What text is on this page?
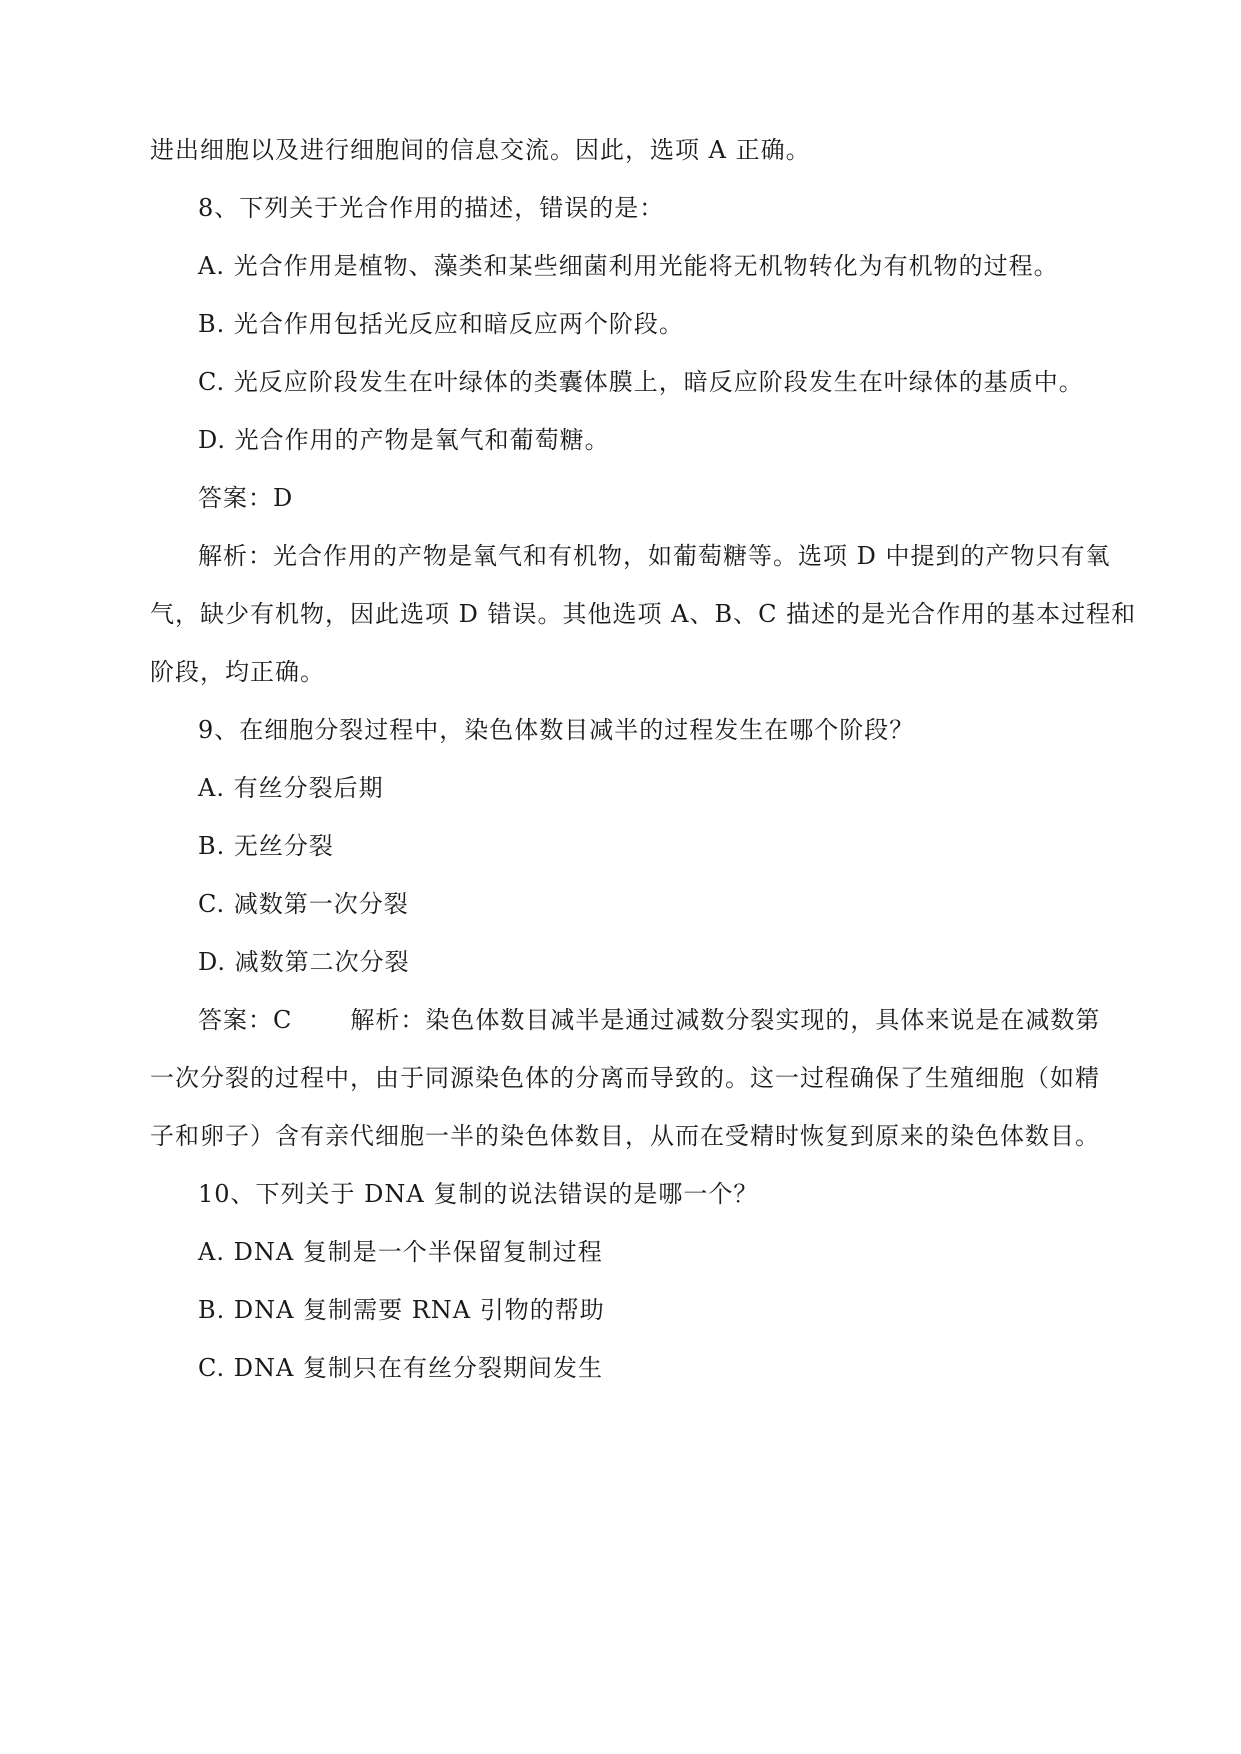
进出细胞以及进行细胞间的信息交流。因此，选项 A 正确。
8、下列关于光合作用的描述，错误的是：
A. 光合作用是植物、藻类和某些细菌利用光能将无机物转化为有机物的过程。
B. 光合作用包括光反应和暗反应两个阶段。
C. 光反应阶段发生在叶绿体的类囊体膜上，暗反应阶段发生在叶绿体的基质中。
D. 光合作用的产物是氧气和葡萄糖。
答案：D
解析：光合作用的产物是氧气和有机物，如葡萄糖等。选项 D 中提到的产物只有氧
气，缺少有机物，因此选项 D 错误。其他选项 A、B、C 描述的是光合作用的基本过程和
阶段，均正确。
9、在细胞分裂过程中，染色体数目减半的过程发生在哪个阶段？
A. 有丝分裂后期
B. 无丝分裂
C. 减数第一次分裂
D. 减数第二次分裂
答案：C 解析：染色体数目减半是通过减数分裂实现的，具体来说是在减数第
一次分裂的过程中，由于同源染色体的分离而导致的。这一过程确保了生殖细胞（如精
子和卵子）含有亲代细胞一半的染色体数目，从而在受精时恢复到原来的染色体数目。
10、下列关于 DNA 复制的说法错误的是哪一个？
A. DNA 复制是一个半保留复制过程
B. DNA 复制需要 RNA 引物的帮助
C. DNA 复制只在有丝分裂期间发生
